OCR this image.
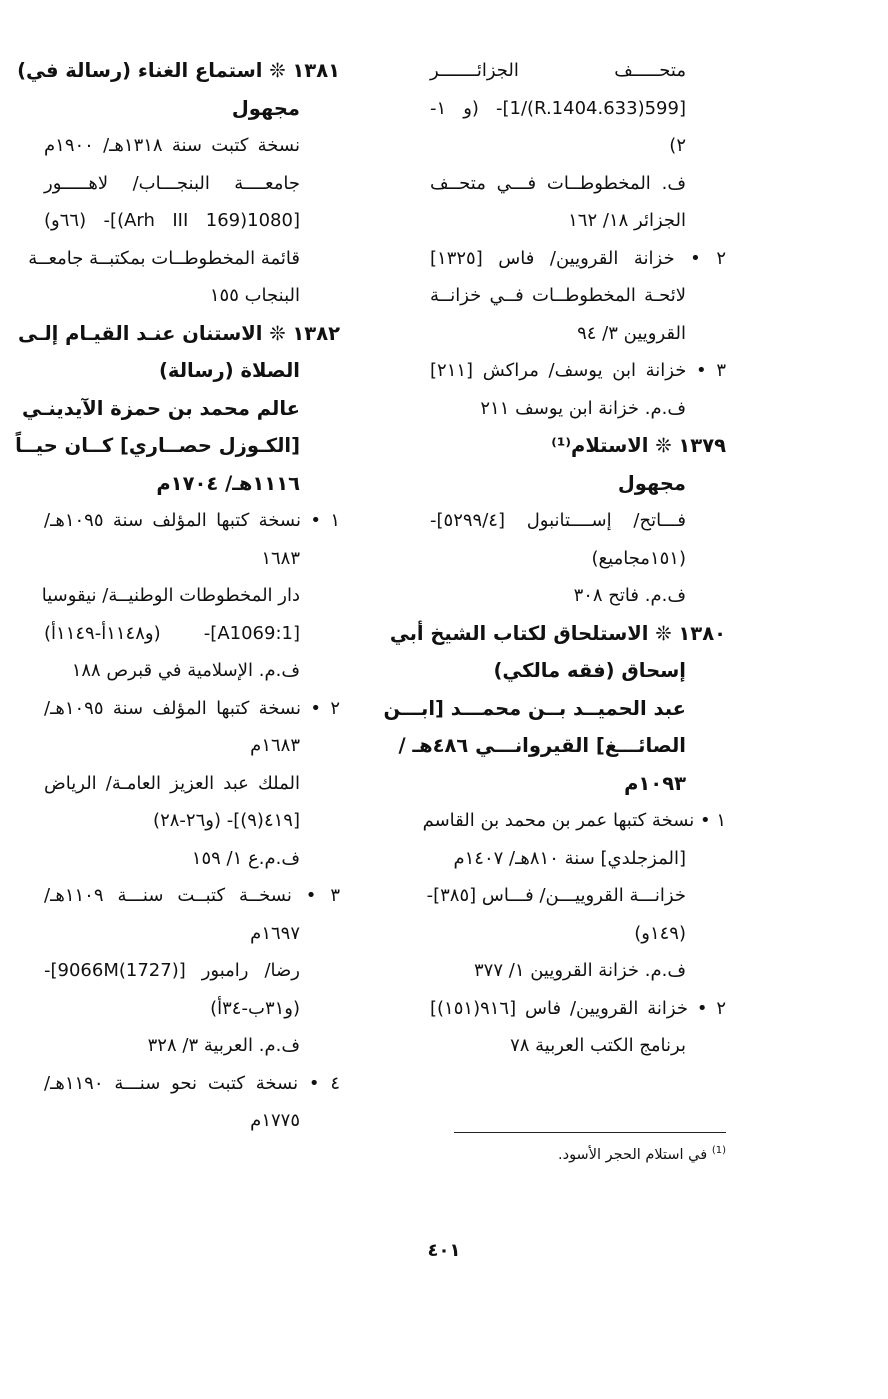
متحـــــف الجزائـــــــر
[599(633.R.1404)/1]- (و ١-
٢)
ف. المخطوطــات فـــي متحــف
الجزائر ١٨/ ١٦٢
٢ • خزانة القرويين/ فاس [١٣٢٥]
لائحـة المخطوطــات فــي خزانــة
القرويين ٣/ ٩٤
٣ • خزانة ابن يوسف/ مراكش [٢١١]
ف.م. خزانة ابن يوسف ٢١١
١٣٧٩ ❊ الاستلام⁽¹⁾
مجهول
فـــاتح/ إســــتانبول [٥٢٩٩/٤]-
(١٥١مجاميع)
ف.م. فاتح ٣٠٨
١٣٨٠ ❊ الاستلحاق لكتاب الشيخ أبي
إسحاق (فقه مالكي)
عبد الحميــد بــن محمـــد [ابـــن
الصائـــغ] القيروانـــي ٤٨٦هـ /
١٠٩٣م
١ • نسخة كتبها عمر بن محمد بن القاسم
[المزجلدي] سنة ٨١٠هـ/ ١٤٠٧م
خزانـــة القروييـــن/ فـــاس [٣٨٥]-
(١٤٩و)
ف.م. خزانة القرويين ١/ ٣٧٧
٢ • خزانة القرويين/ فاس [٩١٦(١٥١)]
برنامج الكتب العربية ٧٨
١٣٨١ ❊ استماع الغناء (رسالة في)
مجهول
نسخة كتبت سنة ١٣١٨هـ/ ١٩٠٠م
جامعــــة البنجـــاب/ لاهـــــور
[1080(Arh III 169)]- (٦٦و)
قائمة المخطوطــات بمكتبــة جامعــة
البنجاب ١٥٥
١٣٨٢ ❊ الاستنان عنـد القيـام إلـى
الصلاة (رسالة)
عالم محمد بن حمزة الآيدينـي
[الكـوزل حصــاري] كــان حيــاً
١١١٦هـ/ ١٧٠٤م
١ • نسخة كتبها المؤلف سنة ١٠٩٥هـ/
١٦٨٣
دار المخطوطات الوطنيــة/ نيقوسيا
[A1069:1]- (و١١٤٨أ-١١٤٩أ)
ف.م. الإسلامية في قبرص ١٨٨
٢ • نسخة كتبها المؤلف سنة ١٠٩٥هـ/
١٦٨٣م
الملك عبد العزيز العامـة/ الرياض
[٤١٩(٩)]- (و٢٦-٢٨)
ف.م.ع ١/ ١٥٩
٣ • نسخــة كتبــت سنـــة ١١٠٩هـ/
١٦٩٧م
رضا/ رامبور [9066M(1727)]-
(و٣١ب-٣٤أ)
ف.م. العربية ٣/ ٣٢٨
٤ • نسخة كتبت نحو سنـــة ١١٩٠هـ/
١٧٧٥م
$^{(1)}$ في استلام الحجر الأسود.
٤٠١
